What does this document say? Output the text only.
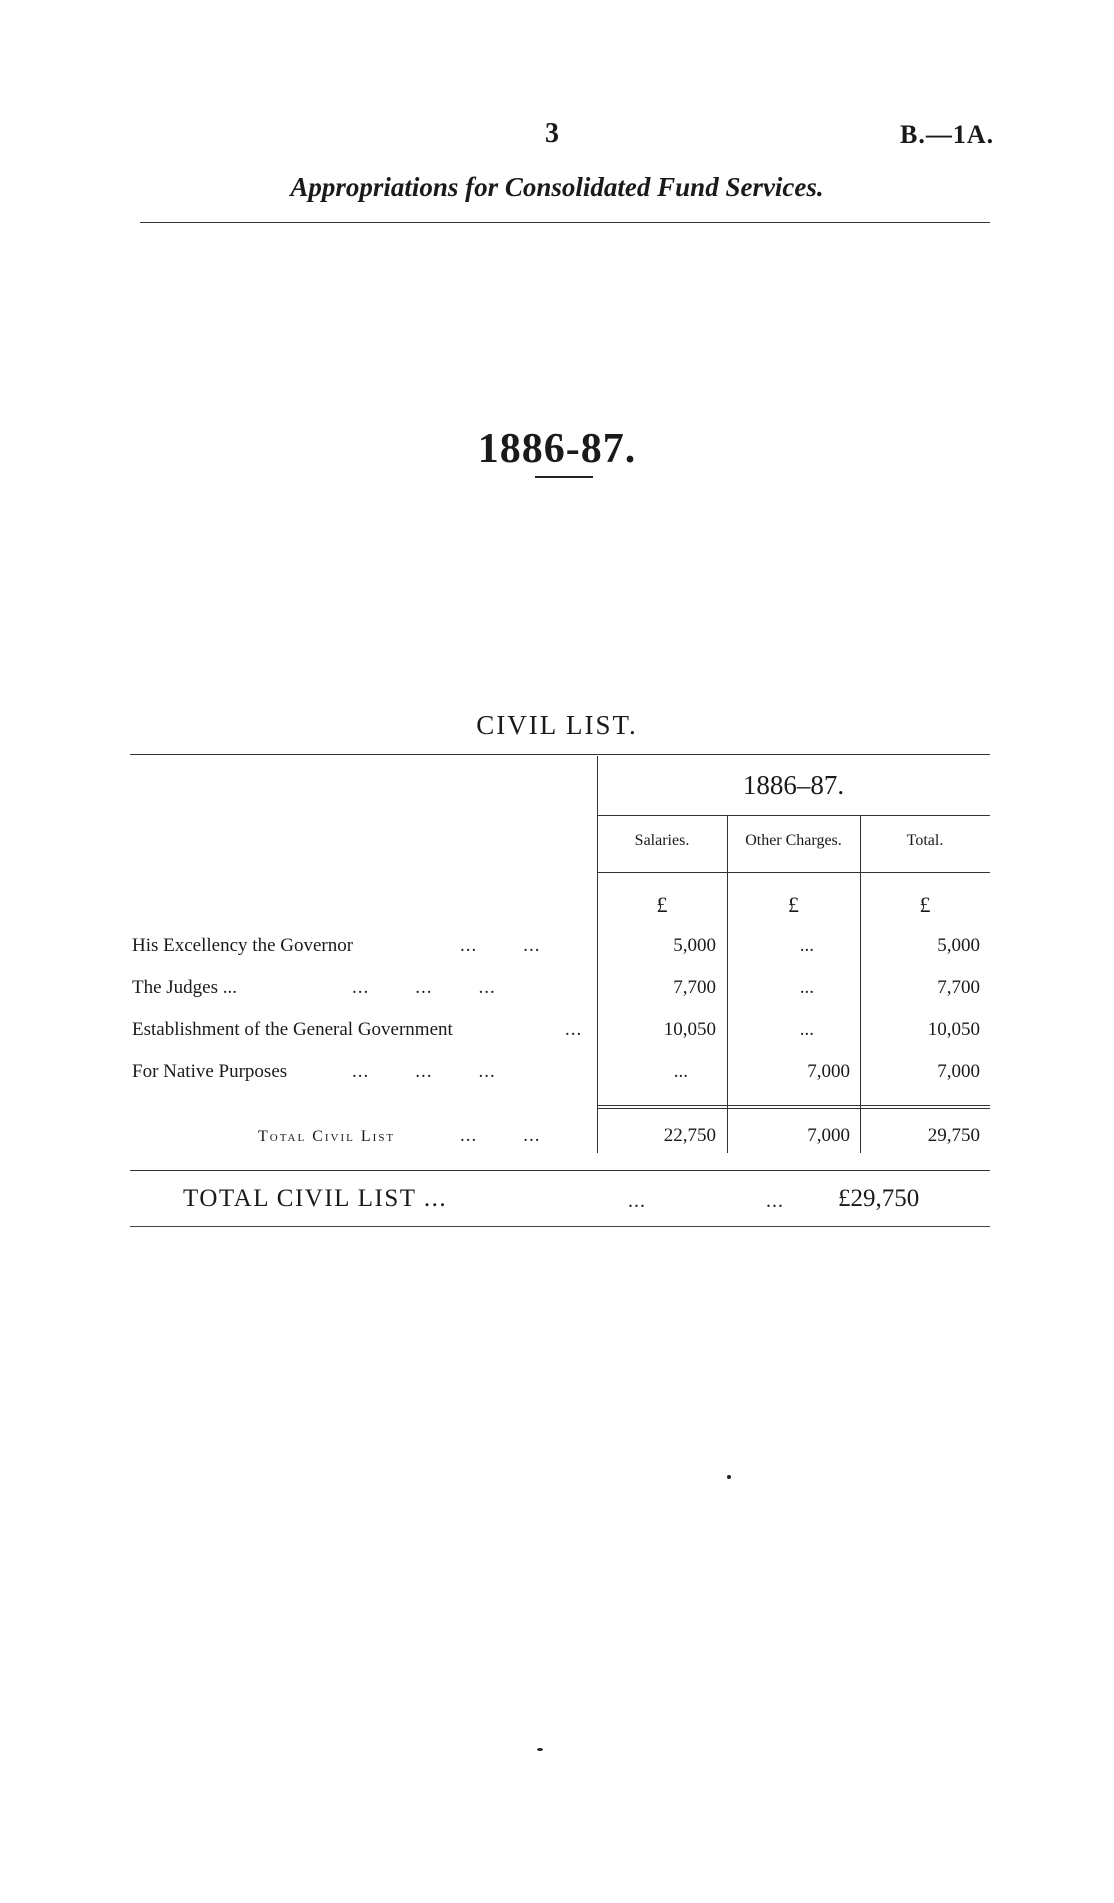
3	B.—1A.
Appropriations for Consolidated Fund Services.
1886-87.
CIVIL LIST.
1886–87.
Salaries.	Other Charges.	Total.
£	£	£
His Excellency the Governor	...        ...	5,000	...	5,000
The Judges ...	...        ...        ...	7,700	...	7,700
Establishment of the General Government	...	10,050	...	10,050
For Native Purposes	...        ...        ...	...	7,000	7,000
Total Civil List	...        ...	22,750	7,000	29,750
TOTAL CIVIL LIST ...	...                    ... £29,750
